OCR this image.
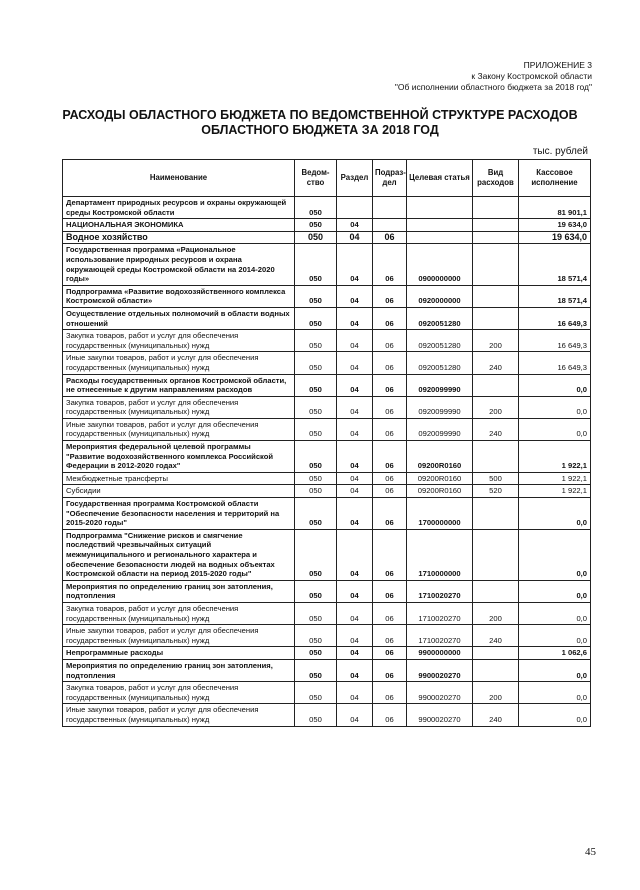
ПРИЛОЖЕНИЕ 3
к Закону Костромской области
"Об исполнении областного бюджета за 2018 год"
РАСХОДЫ ОБЛАСТНОГО БЮДЖЕТА ПО ВЕДОМСТВЕННОЙ СТРУКТУРЕ РАСХОДОВ
ОБЛАСТНОГО БЮДЖЕТА ЗА 2018 ГОД
тыс. рублей
Наименование	Ведом-ство	Раздел	Подраз-дел	Целевая статья	Вид расходов	Кассовое исполнение
Департамент природных ресурсов и охраны окружающей среды Костромской области	050					81 901,1
НАЦИОНАЛЬНАЯ ЭКОНОМИКА	050	04				19 634,0
Водное хозяйство	050	04	06			19 634,0
Государственная программа «Рациональное использование природных ресурсов и охрана окружающей среды Костромской области на 2014-2020 годы»	050	04	06	0900000000		18 571,4
Подпрограмма «Развитие водохозяйственного комплекса Костромской области»	050	04	06	0920000000		18 571,4
Осуществление отдельных полномочий в области водных отношений	050	04	06	0920051280		16 649,3
Закупка товаров, работ и услуг для обеспечения государственных (муниципальных) нужд	050	04	06	0920051280	200	16 649,3
Иные закупки товаров, работ и услуг для обеспечения государственных (муниципальных) нужд	050	04	06	0920051280	240	16 649,3
Расходы государственных органов Костромской области, не отнесенные к другим направлениям расходов	050	04	06	0920099990		0,0
Закупка товаров, работ и услуг для обеспечения государственных (муниципальных) нужд	050	04	06	0920099990	200	0,0
Иные закупки товаров, работ и услуг для обеспечения государственных (муниципальных) нужд	050	04	06	0920099990	240	0,0
Мероприятия федеральной целевой программы "Развитие водохозяйственного комплекса Российской Федерации в 2012-2020 годах"	050	04	06	09200R0160		1 922,1
Межбюджетные трансферты	050	04	06	09200R0160	500	1 922,1
Субсидии	050	04	06	09200R0160	520	1 922,1
Государственная программа Костромской области "Обеспечение безопасности населения и территорий на 2015-2020 годы"	050	04	06	1700000000		0,0
Подпрограмма "Снижение рисков и смягчение последствий чрезвычайных ситуаций межмуниципального и регионального характера и обеспечение безопасности людей на водных объектах Костромской области на период 2015-2020 годы"	050	04	06	1710000000		0,0
Мероприятия по определению границ зон затопления, подтопления	050	04	06	1710020270		0,0
Закупка товаров, работ и услуг для обеспечения государственных (муниципальных) нужд	050	04	06	1710020270	200	0,0
Иные закупки товаров, работ и услуг для обеспечения государственных (муниципальных) нужд	050	04	06	1710020270	240	0,0
Непрограммные расходы	050	04	06	9900000000		1 062,6
Мероприятия по определению границ зон затопления, подтопления	050	04	06	9900020270		0,0
Закупка товаров, работ и услуг для обеспечения государственных (муниципальных) нужд	050	04	06	9900020270	200	0,0
Иные закупки товаров, работ и услуг для обеспечения государственных (муниципальных) нужд	050	04	06	9900020270	240	0,0
45
